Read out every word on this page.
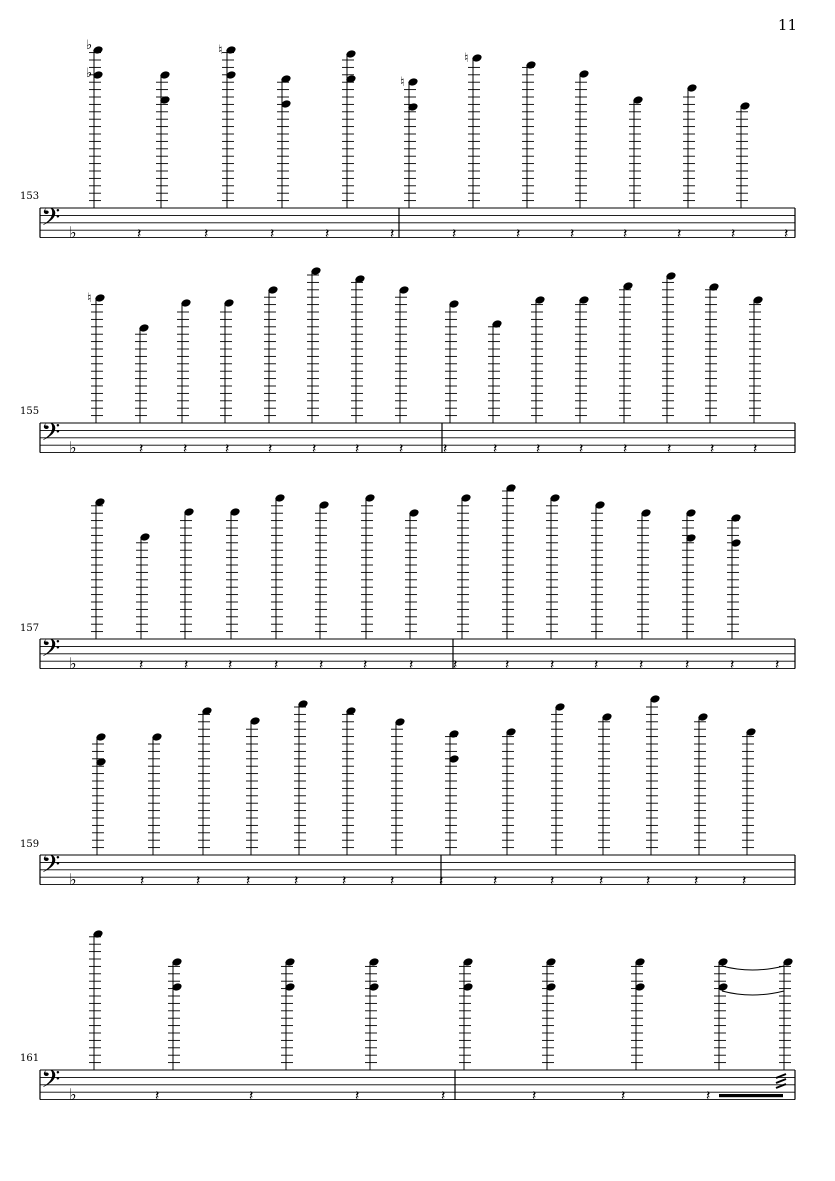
11
153
155
157
159
161
𝄢 ♭	𝄽
♭
♭
𝄽	𝄽
♮
𝄽	𝄽	𝄽
♮
𝄽
♮
𝄽	𝄽	𝄽	𝄽	𝄽
𝄢 ♭	𝄽
♮
𝄽	𝄽	𝄽	𝄽	𝄽	𝄽	𝄽	𝄽	𝄽	𝄽	𝄽	𝄽	𝄽	𝄽
𝄢 ♭	𝄽	𝄽	𝄽	𝄽	𝄽	𝄽	𝄽	𝄽	𝄽	𝄽	𝄽	𝄽	𝄽	𝄽	𝄽
𝄢 ♭	𝄽	𝄽	𝄽	𝄽	𝄽	𝄽	𝄽	𝄽	𝄽	𝄽	𝄽	𝄽	𝄽
𝄢 ♭	𝄽	𝄽	𝄽	𝄽	𝄽	𝄽	𝄽
